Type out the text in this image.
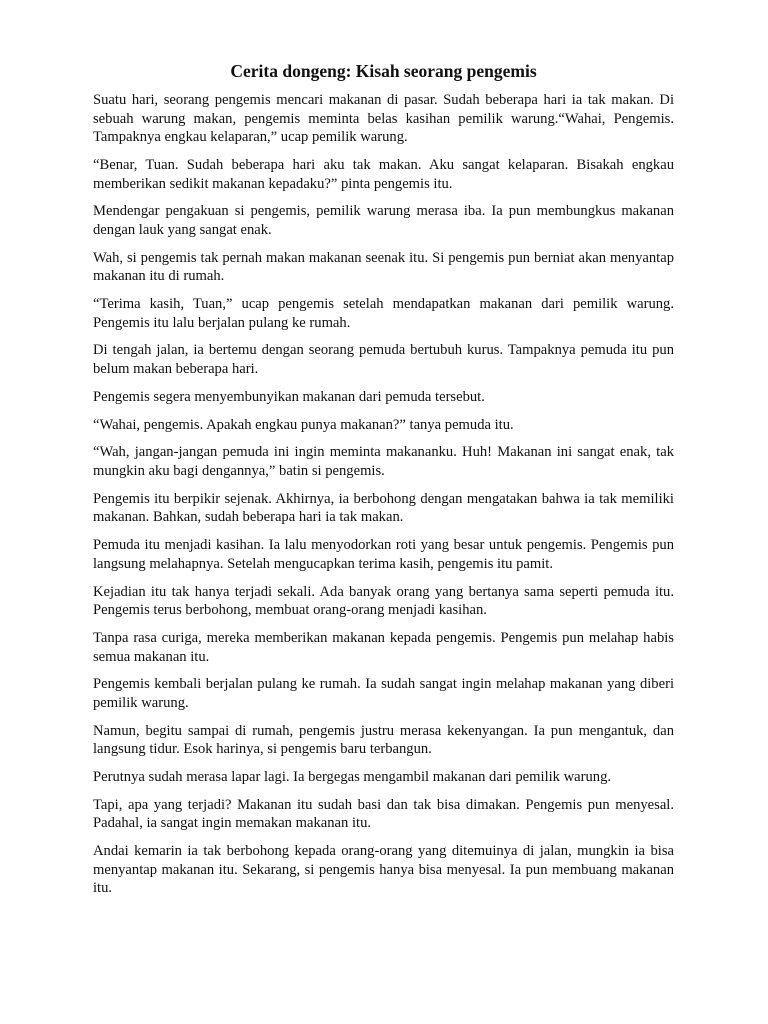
Cerita dongeng: Kisah seorang pengemis

Suatu hari, seorang pengemis mencari makanan di pasar. Sudah beberapa hari ia tak makan. Di sebuah warung makan, pengemis meminta belas kasihan pemilik warung.“Wahai, Pengemis. Tampaknya engkau kelaparan,” ucap pemilik warung.

“Benar, Tuan. Sudah beberapa hari aku tak makan. Aku sangat kelaparan. Bisakah engkau memberikan sedikit makanan kepadaku?” pinta pengemis itu.

Mendengar pengakuan si pengemis, pemilik warung merasa iba. Ia pun membungkus makanan dengan lauk yang sangat enak.

Wah, si pengemis tak pernah makan makanan seenak itu. Si pengemis pun berniat akan menyantap makanan itu di rumah.

“Terima kasih, Tuan,” ucap pengemis setelah mendapatkan makanan dari pemilik warung. Pengemis itu lalu berjalan pulang ke rumah.

Di tengah jalan, ia bertemu dengan seorang pemuda bertubuh kurus. Tampaknya pemuda itu pun belum makan beberapa hari.

Pengemis segera menyembunyikan makanan dari pemuda tersebut.

“Wahai, pengemis. Apakah engkau punya makanan?” tanya pemuda itu.

“Wah, jangan-jangan pemuda ini ingin meminta makananku. Huh! Makanan ini sangat enak, tak mungkin aku bagi dengannya,” batin si pengemis.

Pengemis itu berpikir sejenak. Akhirnya, ia berbohong dengan mengatakan bahwa ia tak memiliki makanan. Bahkan, sudah beberapa hari ia tak makan.

Pemuda itu menjadi kasihan. Ia lalu menyodorkan roti yang besar untuk pengemis. Pengemis pun langsung melahapnya. Setelah mengucapkan terima kasih, pengemis itu pamit.

Kejadian itu tak hanya terjadi sekali. Ada banyak orang yang bertanya sama seperti pemuda itu. Pengemis terus berbohong, membuat orang-orang menjadi kasihan.

Tanpa rasa curiga, mereka memberikan makanan kepada pengemis. Pengemis pun melahap habis semua makanan itu.

Pengemis kembali berjalan pulang ke rumah. Ia sudah sangat ingin melahap makanan yang diberi pemilik warung.

Namun, begitu sampai di rumah, pengemis justru merasa kekenyangan. Ia pun mengantuk, dan langsung tidur. Esok harinya, si pengemis baru terbangun.

Perutnya sudah merasa lapar lagi. Ia bergegas mengambil makanan dari pemilik warung.

Tapi, apa yang terjadi? Makanan itu sudah basi dan tak bisa dimakan. Pengemis pun menyesal. Padahal, ia sangat ingin memakan makanan itu.

Andai kemarin ia tak berbohong kepada orang-orang yang ditemuinya di jalan, mungkin ia bisa menyantap makanan itu. Sekarang, si pengemis hanya bisa menyesal. Ia pun membuang makanan itu.
